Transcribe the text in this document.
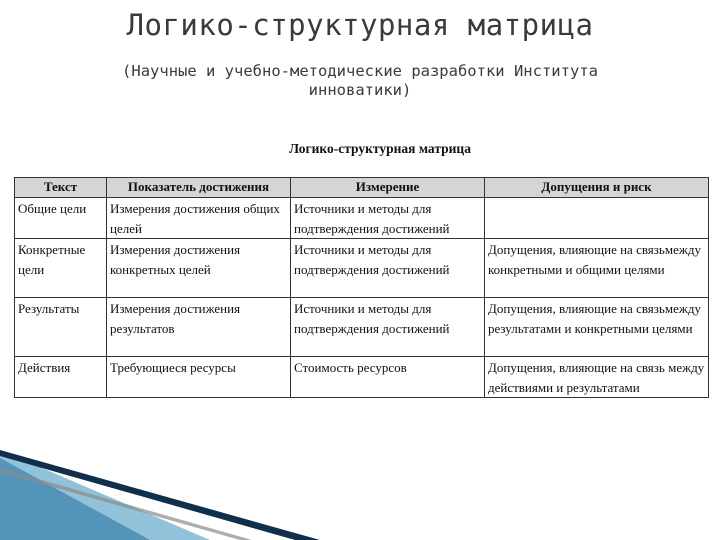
Логико-структурная матрица
(Научные и учебно-методические разработки Института инноватики)
Логико-структурная матрица
Текст	Показатель достижения	Измерение	Допущения и риск
Общие цели	Измерения достижения общих целей	Источники и методы для подтверждения достижений	
Конкретные цели	Измерения достижения конкретных целей	Источники и методы для подтверждения достижений	Допущения, влияющие на связьмежду конкретными и общими целями
Результаты	Измерения достижения результатов	Источники и методы для подтверждения достижений	Допущения, влияющие на связьмежду результатами и конкретными целями
Действия	Требующиеся ресурсы	Стоимость ресурсов	Допущения, влияющие на связь между действиями и результатами
